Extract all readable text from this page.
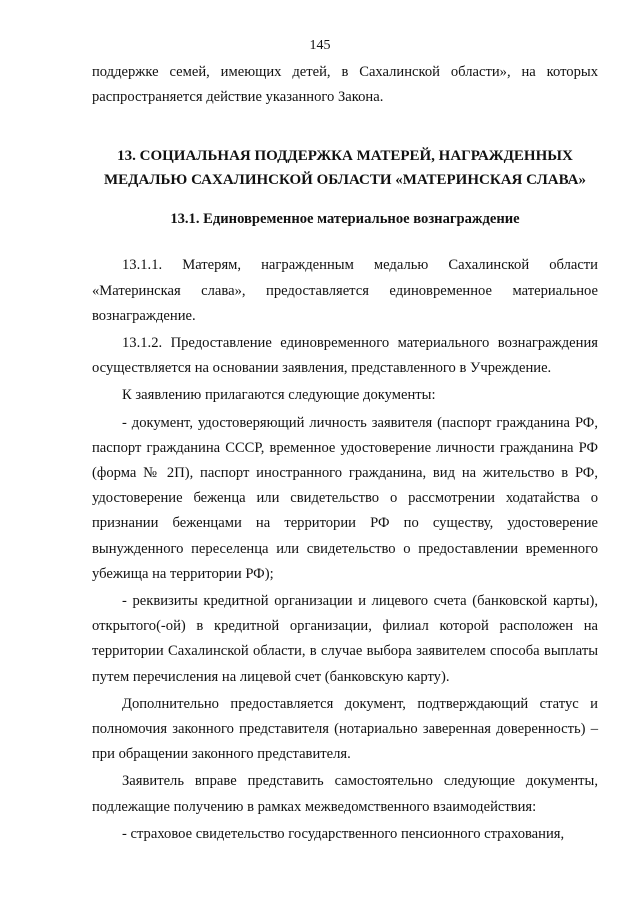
145

поддержке семей, имеющих детей, в Сахалинской области», на которых распространяется действие указанного Закона.

13. СОЦИАЛЬНАЯ ПОДДЕРЖКА МАТЕРЕЙ, НАГРАЖДЕННЫХ МЕДАЛЬЮ САХАЛИНСКОЙ ОБЛАСТИ «МАТЕРИНСКАЯ СЛАВА»
13.1. Единовременное материальное вознаграждение

13.1.1. Матерям, награжденным медалью Сахалинской области «Материнская слава», предоставляется единовременное материальное вознаграждение.

13.1.2. Предоставление единовременного материального вознаграждения осуществляется на основании заявления, представленного в Учреждение.

К заявлению прилагаются следующие документы:

- документ, удостоверяющий личность заявителя (паспорт гражданина РФ, паспорт гражданина СССР, временное удостоверение личности гражданина РФ (форма № 2П), паспорт иностранного гражданина, вид на жительство в РФ, удостоверение беженца или свидетельство о рассмотрении ходатайства о признании беженцами на территории РФ по существу, удостоверение вынужденного переселенца или свидетельство о предоставлении временного убежища на территории РФ);

- реквизиты кредитной организации и лицевого счета (банковской карты), открытого(-ой) в кредитной организации, филиал которой расположен на территории Сахалинской области, в случае выбора заявителем способа выплаты путем перечисления на лицевой счет (банковскую карту).

Дополнительно предоставляется документ, подтверждающий статус и полномочия законного представителя (нотариально заверенная доверенность) – при обращении законного представителя.

Заявитель вправе представить самостоятельно следующие документы, подлежащие получению в рамках межведомственного взаимодействия:

- страховое свидетельство государственного пенсионного страхования,
